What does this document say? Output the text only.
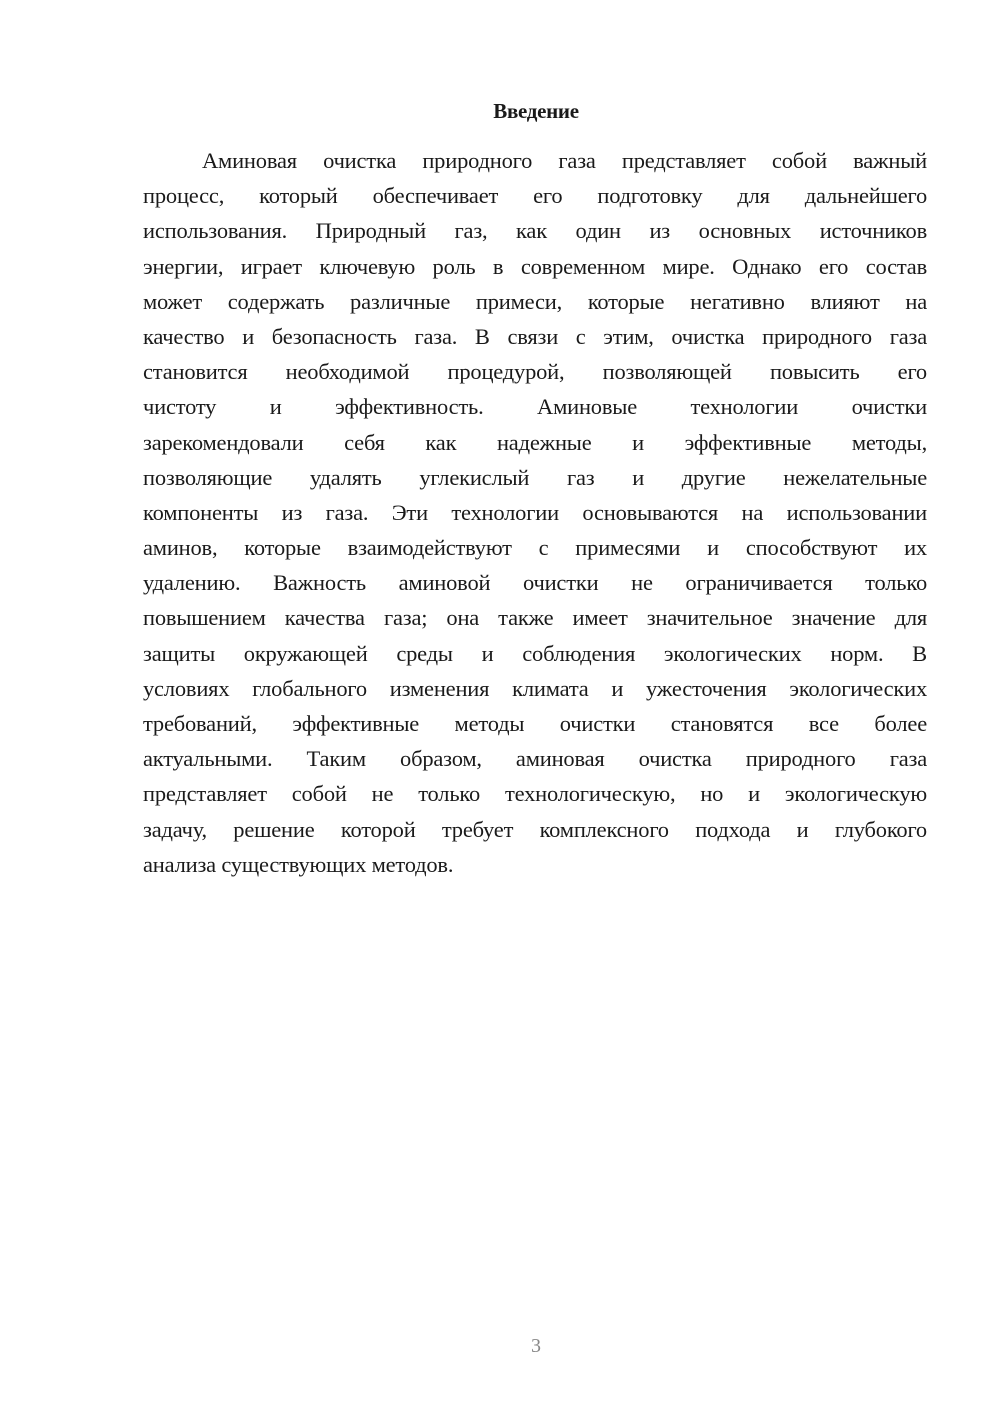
Введение
Аминовая очистка природного газа представляет собой важный
процесс, который обеспечивает его подготовку для дальнейшего
использования. Природный газ, как один из основных источников
энергии, играет ключевую роль в современном мире. Однако его состав
может содержать различные примеси, которые негативно влияют на
качество и безопасность газа. В связи с этим, очистка природного газа
становится необходимой процедурой, позволяющей повысить его
чистоту и эффективность. Аминовые технологии очистки
зарекомендовали себя как надежные и эффективные методы,
позволяющие удалять углекислый газ и другие нежелательные
компоненты из газа. Эти технологии основываются на использовании
аминов, которые взаимодействуют с примесями и способствуют их
удалению. Важность аминовой очистки не ограничивается только
повышением качества газа; она также имеет значительное значение для
защиты окружающей среды и соблюдения экологических норм. В
условиях глобального изменения климата и ужесточения экологических
требований, эффективные методы очистки становятся все более
актуальными. Таким образом, аминовая очистка природного газа
представляет собой не только технологическую, но и экологическую
задачу, решение которой требует комплексного подхода и глубокого
анализа существующих методов.
3
